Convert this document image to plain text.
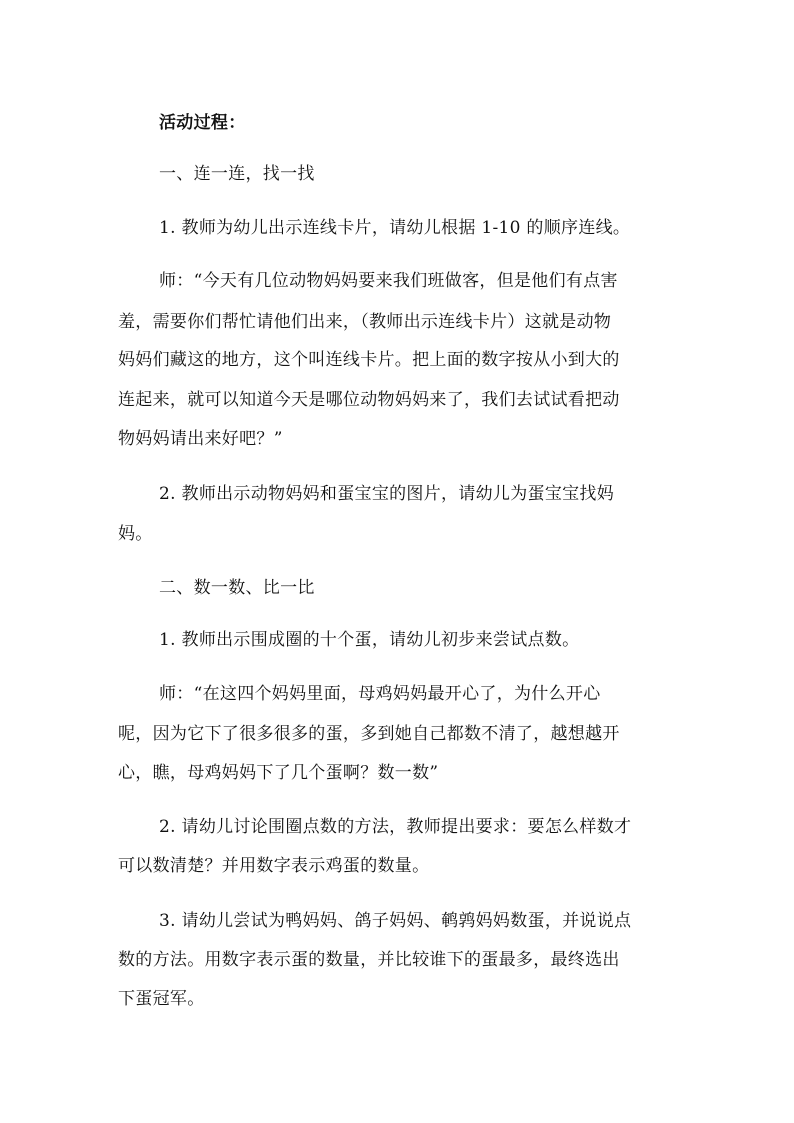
活动过程：
一、连一连，找一找
1. 教师为幼儿出示连线卡片，请幼儿根据 1-10 的顺序连线。
师：“今天有几位动物妈妈要来我们班做客，但是他们有点害
羞，需要你们帮忙请他们出来，（教师出示连线卡片）这就是动物
妈妈们藏这的地方，这个叫连线卡片。把上面的数字按从小到大的
连起来，就可以知道今天是哪位动物妈妈来了，我们去试试看把动
物妈妈请出来好吧？”
2. 教师出示动物妈妈和蛋宝宝的图片，请幼儿为蛋宝宝找妈
妈。
二、数一数、比一比
1. 教师出示围成圈的十个蛋，请幼儿初步来尝试点数。
师：“在这四个妈妈里面，母鸡妈妈最开心了，为什么开心
呢，因为它下了很多很多的蛋，多到她自己都数不清了，越想越开
心，瞧，母鸡妈妈下了几个蛋啊？数一数”
2. 请幼儿讨论围圈点数的方法，教师提出要求：要怎么样数才
可以数清楚？并用数字表示鸡蛋的数量。
3. 请幼儿尝试为鸭妈妈、鸽子妈妈、鹌鹑妈妈数蛋，并说说点
数的方法。用数字表示蛋的数量，并比较谁下的蛋最多，最终选出
下蛋冠军。
